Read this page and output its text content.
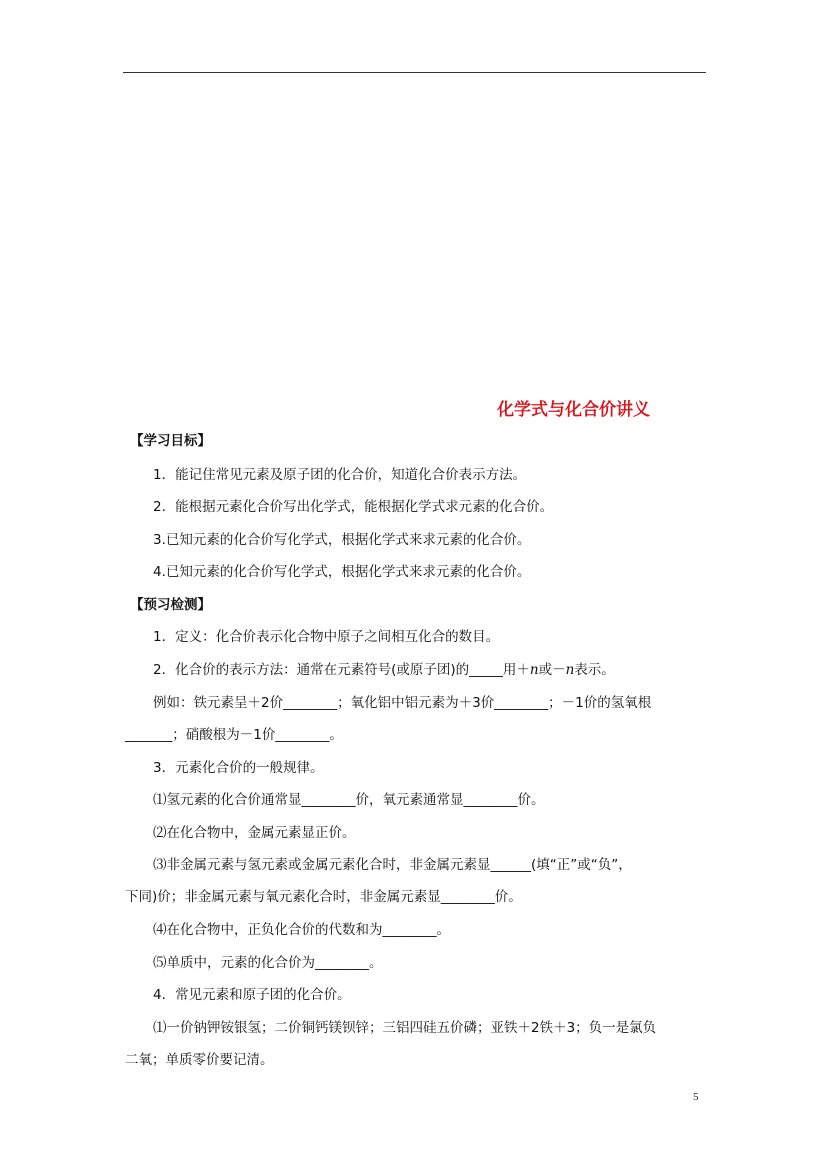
化学式与化合价讲义
【学习目标】
1．能记住常见元素及原子团的化合价，知道化合价表示方法。
2．能根据元素化合价写出化学式，能根据化学式求元素的化合价。
3.已知元素的化合价写化学式，根据化学式来求元素的化合价。
4.已知元素的化合价写化学式，根据化学式来求元素的化合价。
【预习检测】
1．定义：化合价表示化合物中原子之间相互化合的数目。
2．化合价的表示方法：通常在元素符号(或原子团)的_____用＋n或－n表示。
例如：铁元素呈＋2价________；氧化铝中铝元素为＋3价________；－1价的氢氧根
_______；硝酸根为－1价________。
3．元素化合价的一般规律。
⑴氢元素的化合价通常显________价，氧元素通常显________价。
⑵在化合物中，金属元素显正价。
⑶非金属元素与氢元素或金属元素化合时，非金属元素显______(填“正”或“负”，
下同)价；非金属元素与氧元素化合时，非金属元素显________价。
⑷在化合物中，正负化合价的代数和为________。
⑸单质中，元素的化合价为________。
4．常见元素和原子团的化合价。
⑴一价钠钾铵银氢；二价铜钙镁钡锌；三铝四硅五价磷；亚铁＋2铁＋3；负一是氯负
二氧；单质零价要记清。
5
